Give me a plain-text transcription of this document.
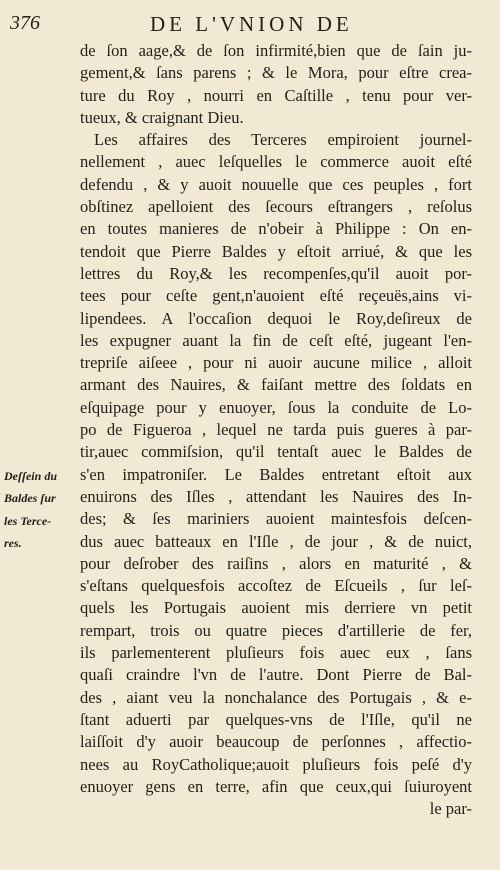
376	DE L'VNION DE
de ſon aage,& de ſon infirmité,bien que de ſain ju-
gement,& ſans parens ; & le Mora, pour eſtre crea-
ture du Roy , nourri en Caſtille , tenu pour ver-
tueux, & craignant Dieu.
Les affaires des Terceres empiroient journel-
nellement , auec leſquelles le commerce auoit eſté
defendu , & y auoit nouuelle que ces peuples , fort
obſtinez apelloient des ſecours eſtrangers , reſolus
en toutes manieres de n'obeir à Philippe : On en-
tendoit que Pierre Baldes y eſtoit arriué, & que les
lettres du Roy,& les recompenſes,qu'il auoit por-
tees pour ceſte gent,n'auoient eſté reçeuës,ains vi-
lipendees. A l'occaſion dequoi le Roy,deſireux de
les expugner auant la fin de ceſt eſté, jugeant l'en-
trepriſe aiſeee , pour ni auoir aucune milice , alloit
armant des Nauires, & faiſant mettre des ſoldats en
eſquipage pour y enuoyer, ſous la conduite de Lo-
po de Figueroa , lequel ne tarda puis gueres à par-
tir,auec commiſsion, qu'il tentaſt auec le Baldes de
s'en impatroniſer. Le Baldes entretant eſtoit aux
enuirons des Iſles , attendant les Nauires des In-
des; & ſes mariniers auoient maintesfois deſcen-
dus auec batteaux en l'Iſle , de jour , & de nuict,
pour deſrober des raiſins , alors en maturité , &
s'eſtans quelquesfois accoſtez de Eſcueils , ſur leſ-
quels les Portugais auoient mis derriere vn petit
rempart, trois ou quatre pieces d'artillerie de fer,
ils parlementerent pluſieurs fois auec eux , ſans
quaſi craindre l'vn de l'autre. Dont Pierre de Bal-
des , aiant veu la nonchalance des Portugais , & e-
ſtant aduerti par quelques-vns de l'Iſle, qu'il ne
laiſſoit d'y auoir beaucoup de perſonnes , affectio-
nees au RoyCatholique;auoit pluſieurs fois peſé d'y
enuoyer gens en terre, afin que ceux,qui ſuiuroyent
le par-
Deſſein du
Baldes ſur
les Terce-
res.
